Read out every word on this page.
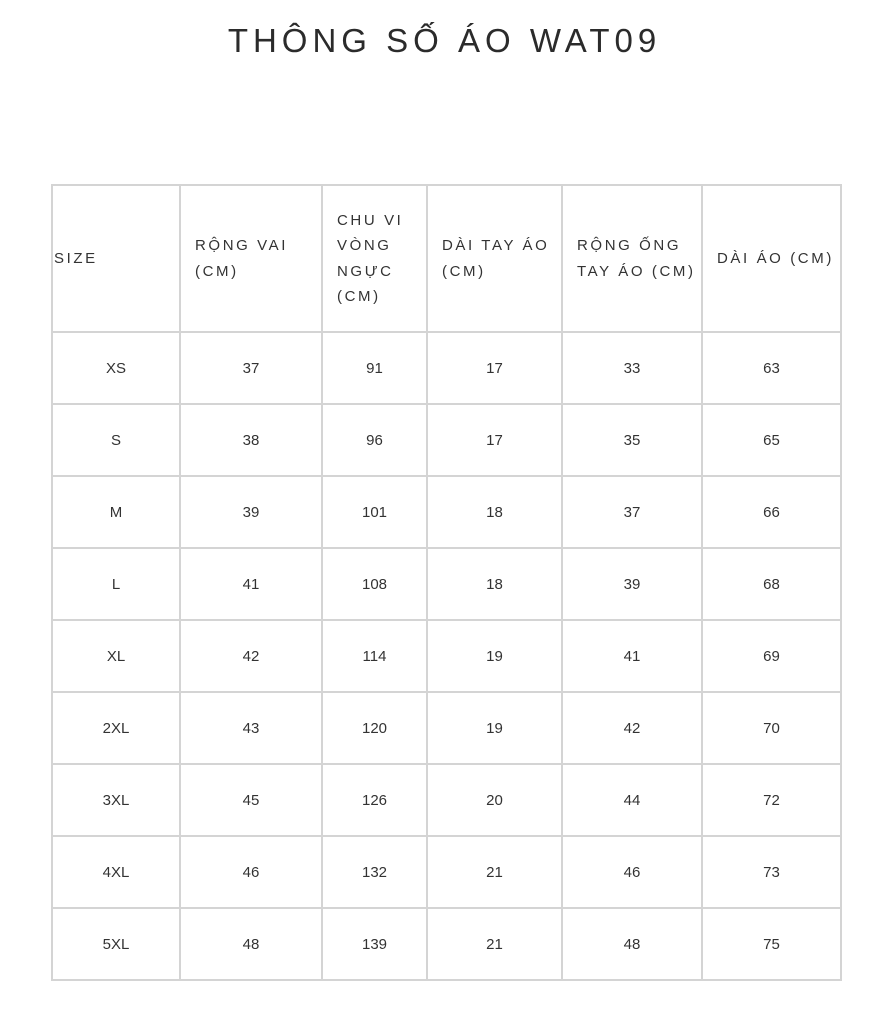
THÔNG SỐ ÁO WAT09
SIZE	RỘNG VAI (CM)	CHU VI VÒNG NGỰC (CM)	DÀI TAY ÁO (CM)	RỘNG ỐNG TAY ÁO (CM)	DÀI ÁO (CM)
XS	37	91	17	33	63
S	38	96	17	35	65
M	39	101	18	37	66
L	41	108	18	39	68
XL	42	114	19	41	69
2XL	43	120	19	42	70
3XL	45	126	20	44	72
4XL	46	132	21	46	73
5XL	48	139	21	48	75
